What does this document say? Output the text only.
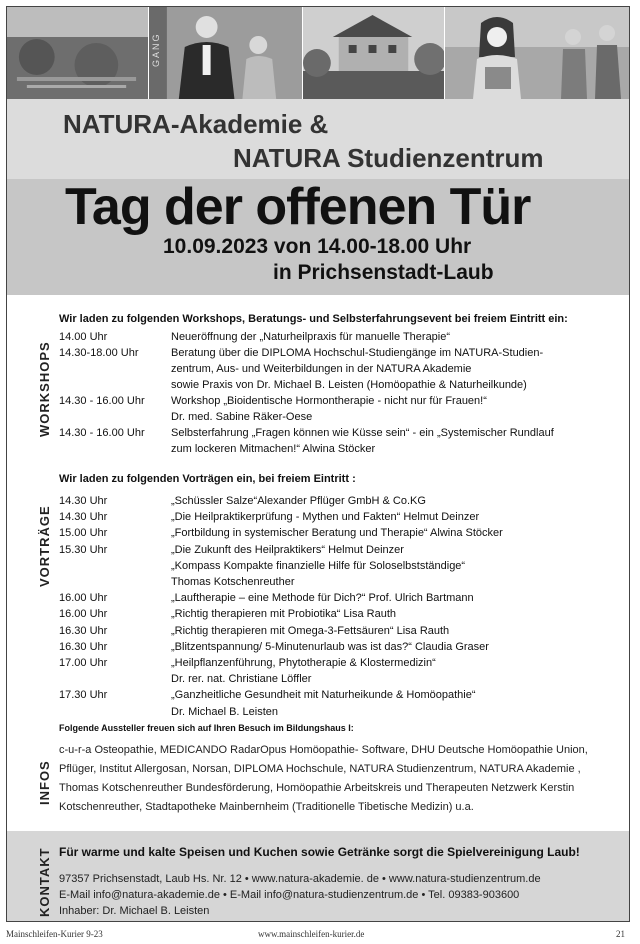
GANG
NATURA-Akademie &
NATURA Studienzentrum
Tag der offenen Tür
10.09.2023 von 14.00-18.00 Uhr
in Prichsenstadt-Laub
WORKSHOPS
Wir laden zu folgenden Workshops, Beratungs- und Selbsterfahrungsevent bei freiem Eintritt ein:
14.00 Uhr	Neueröffnung der „Naturheilpraxis für manuelle Therapie“
14.30-18.00 Uhr	Beratung über die DIPLOMA Hochschul-Studiengänge im NATURA-Studien-
zentrum, Aus- und Weiterbildungen in der NATURA Akademie
sowie Praxis von Dr. Michael B. Leisten (Homöopathie & Naturheilkunde)
14.30 - 16.00 Uhr Workshop „Bioidentische Hormontherapie - nicht nur für Frauen!“
Dr. med. Sabine Räker-Oese
14.30 - 16.00 Uhr Selbsterfahrung „Fragen können wie Küsse sein“ - ein „Systemischer Rundlauf
zum lockeren Mitmachen!“ Alwina Stöcker
VORTRÄGE
Wir laden zu folgenden Vorträgen ein, bei freiem Eintritt :
14.30 Uhr	„Schüssler Salze“Alexander Pflüger GmbH & Co.KG
14.30 Uhr	„Die Heilpraktikerprüfung - Mythen und Fakten“ Helmut Deinzer
15.00 Uhr	„Fortbildung in systemischer Beratung und Therapie“ Alwina Stöcker
15.30 Uhr	„Die Zukunft des Heilpraktikers“ Helmut Deinzer
„Kompass Kompakte finanzielle Hilfe für Soloselbstständige“
Thomas Kotschenreuther
16.00 Uhr	„Lauftherapie – eine Methode für Dich?“ Prof. Ulrich Bartmann
16.00 Uhr	„Richtig therapieren mit Probiotika“ Lisa Rauth
16.30 Uhr	„Richtig therapieren mit Omega-3-Fettsäuren“ Lisa Rauth
16.30 Uhr	„Blitzentspannung/ 5-Minutenurlaub was ist das?“ Claudia Graser
17.00 Uhr	„Heilpflanzenführung, Phytotherapie & Klostermedizin“
Dr. rer. nat. Christiane Löffler
17.30 Uhr	„Ganzheitliche Gesundheit mit Naturheikunde & Homöopathie“
Dr. Michael B. Leisten
INFOS
Folgende Aussteller freuen sich auf Ihren Besuch im Bildungshaus I:
c-u-r-a Osteopathie, MEDICANDO RadarOpus Homöopathie- Software, DHU Deutsche Homöopathie Union, Pflüger, Institut Allergosan, Norsan, DIPLOMA Hochschule, NATURA Studienzentrum, NATURA Akademie , Thomas Kotschenreuther Bundesförderung, Homöopathie Arbeitskreis und Therapeuten Netzwerk Kerstin Kotschenreuther, Stadtapotheke Mainbernheim (Traditionelle Tibetische Medizin) u.a.
KONTAKT Für warme und kalte Speisen und Kuchen sowie Getränke sorgt die Spielvereinigung Laub!
97357 Prichsenstadt, Laub Hs. Nr. 12 • www.natura-akademie. de • www.natura-studienzentrum.de
E-Mail info@natura-akademie.de • E-Mail info@natura-studienzentrum.de • Tel. 09383-903600
Inhaber: Dr. Michael B. Leisten
Mainschleifen-Kurier 9-23	www.mainschleifen-kurier.de	21
